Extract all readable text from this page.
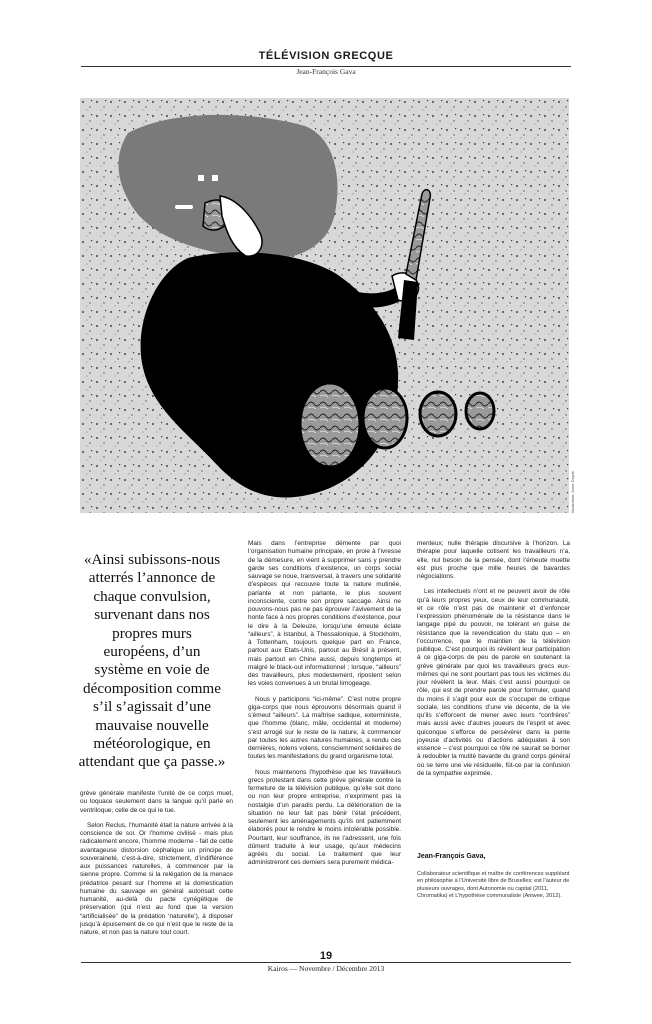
TÉLÉVISION GRECQUE
Jean-François Gava
Illustration: Anne Dejoie

«Ainsi subissons-nous atterrés l’annonce de chaque convulsion, survenant dans nos propres murs européens, d’un système en voie de décomposition comme s’il s’agissait d’une mauvaise nouvelle météorologique, en attendant que ça passe.»

grève générale manifeste l’unité de ce corps muet, ou loquace seulement dans la langue qu’il parle en ventriloque, celle de ce qui le tue.

Selon Reclus, l’humanité était la nature arrivée à la conscience de soi. Or l’homme civilisé - mais plus radicalement encore, l’homme moderne - fait de cette avantageuse distorsion céphalique un principe de souveraineté, c’est-à-dire, strictement, d’indifférence aux puissances naturelles, à commencer par la sienne propre. Comme si la relégation de la menace prédatrice pesant sur l’homme et la domestication humaine du sauvage en général autorisait cette humanité, au-delà du pacte cynégétique de préservation (qui n’est au fond que la version “artificialisée” de la prédation ‘naturelle’), à disposer jusqu’à épuisement de ce qui n’est que le reste de la nature, et non pas la nature tout court.

Mais dans l’entreprise démente par quoi l’organisation humaine principale, en proie à l’ivresse de la démesure, en vient à supprimer sans y prendre garde ses conditions d’existence, un corps social sauvage se noue, transversal, à travers une solidarité d’espèces qui recouvre toute la nature mutinée, parlante et non parlante, le plus souvent inconsciente, contre son propre saccage. Ainsi ne pouvons-nous pas ne pas éprouver l’avivement de la honte face à nos propres conditions d’existence, pour le dire à la Deleuze, lorsqu’une émeute éclate “ailleurs”, à Istanbul, à Thessalonique, à Stockholm, à Tottenham, toujours quelque part en France, partout aux Etats-Unis, partout au Brésil à présent, mais partout en Chine aussi, depuis longtemps et malgré le black-out informationnel ; lorsque, “ailleurs” des travailleurs, plus modestement, ripostent selon les voies convenues à un brutal limogeage.

Nous y participons “ici-même”. C’est notre propre giga-corps que nous éprouvons désormais quand il s’émeut “ailleurs”. La maîtrise sadique, exterministe, que l’homme (blanc, mâle, occidental et moderne) s’est arrogé sur le reste de la nature, à commencer par toutes les autres natures humaines, a rendu ces dernières, nolens volens, consciemment solidaires de toutes les manifestations du grand organisme total.

Nous maintenons l’hypothèse que les travailleurs grecs protestant dans cette grève générale contre la fermeture de la télévision publique, qu’elle soit donc ou non leur propre entreprise, n’expriment pas la nostalgie d’un paradis perdu. La détérioration de la situation ne leur fait pas bénir l’état précédent, seulement les aménagements qu’ils ont patiemment élaborés pour le rendre le moins intolérable possible. Pourtant, leur souffrance, ils ne l’adressent, une fois dûment traduite à leur usage, qu’aux médecins agréés du social. Le traitement que leur administreront ces derniers sera purement médica-

menteux; nulle thérapie discursive à l’horizon. La thérapie pour laquelle cotisent les travailleurs n’a, elle, nul besoin de la pensée, dont l’émeute muette est plus proche que mille heures de bavardes négociations.

Les intellectuels n’ont et ne peuvent avoir de rôle qu’à leurs propres yeux, ceux de leur communauté, et ce rôle n’est pas de maintenir et d’enfoncer l’expression phénoménale de la résistance dans le langage pipé du pouvoir, ne tolérant en guise de résistance que la revendication du statu quo – en l’occurrence, que le maintien de la télévision publique. C’est pourquoi ils révèlent leur participation à ce giga-corps de peu de parole en soutenant la grève générale par quoi les travailleurs grecs eux-mêmes qui ne sont pourtant pas tous les victimes du jour révèlent la leur. Mais c’est aussi pourquoi ce rôle, qui est de prendre parole pour formuler, quand du moins il s’agit pour eux de s’occuper de critique sociale, les conditions d’une vie décente, de la vie qu’ils s’efforcent de mener avec leurs “confrères” mais aussi avec d’autres joueurs de l’esprit et avec quiconque s’efforce de persévérer dans la pente joyeuse d’activités ou d’actions adéquates à son essence – c’est pourquoi ce rôle ne saurait se borner à redoubler la mutité bavarde du grand corps général où se terre une vie résiduelle, fût-ce par la confusion de la sympathie exprimée.

Jean-François Gava,
Collaborateur scientifique et maître de conférences suppléant en philosophie à l’Université libre de Bruxelles; est l’auteur de plusieurs ouvrages, dont Autonomie ou capital (2011, Chromatika) et L’hypothèse communaliste (Aniwee, 2012).
19
Kairos — Novembre / Décembre 2013
